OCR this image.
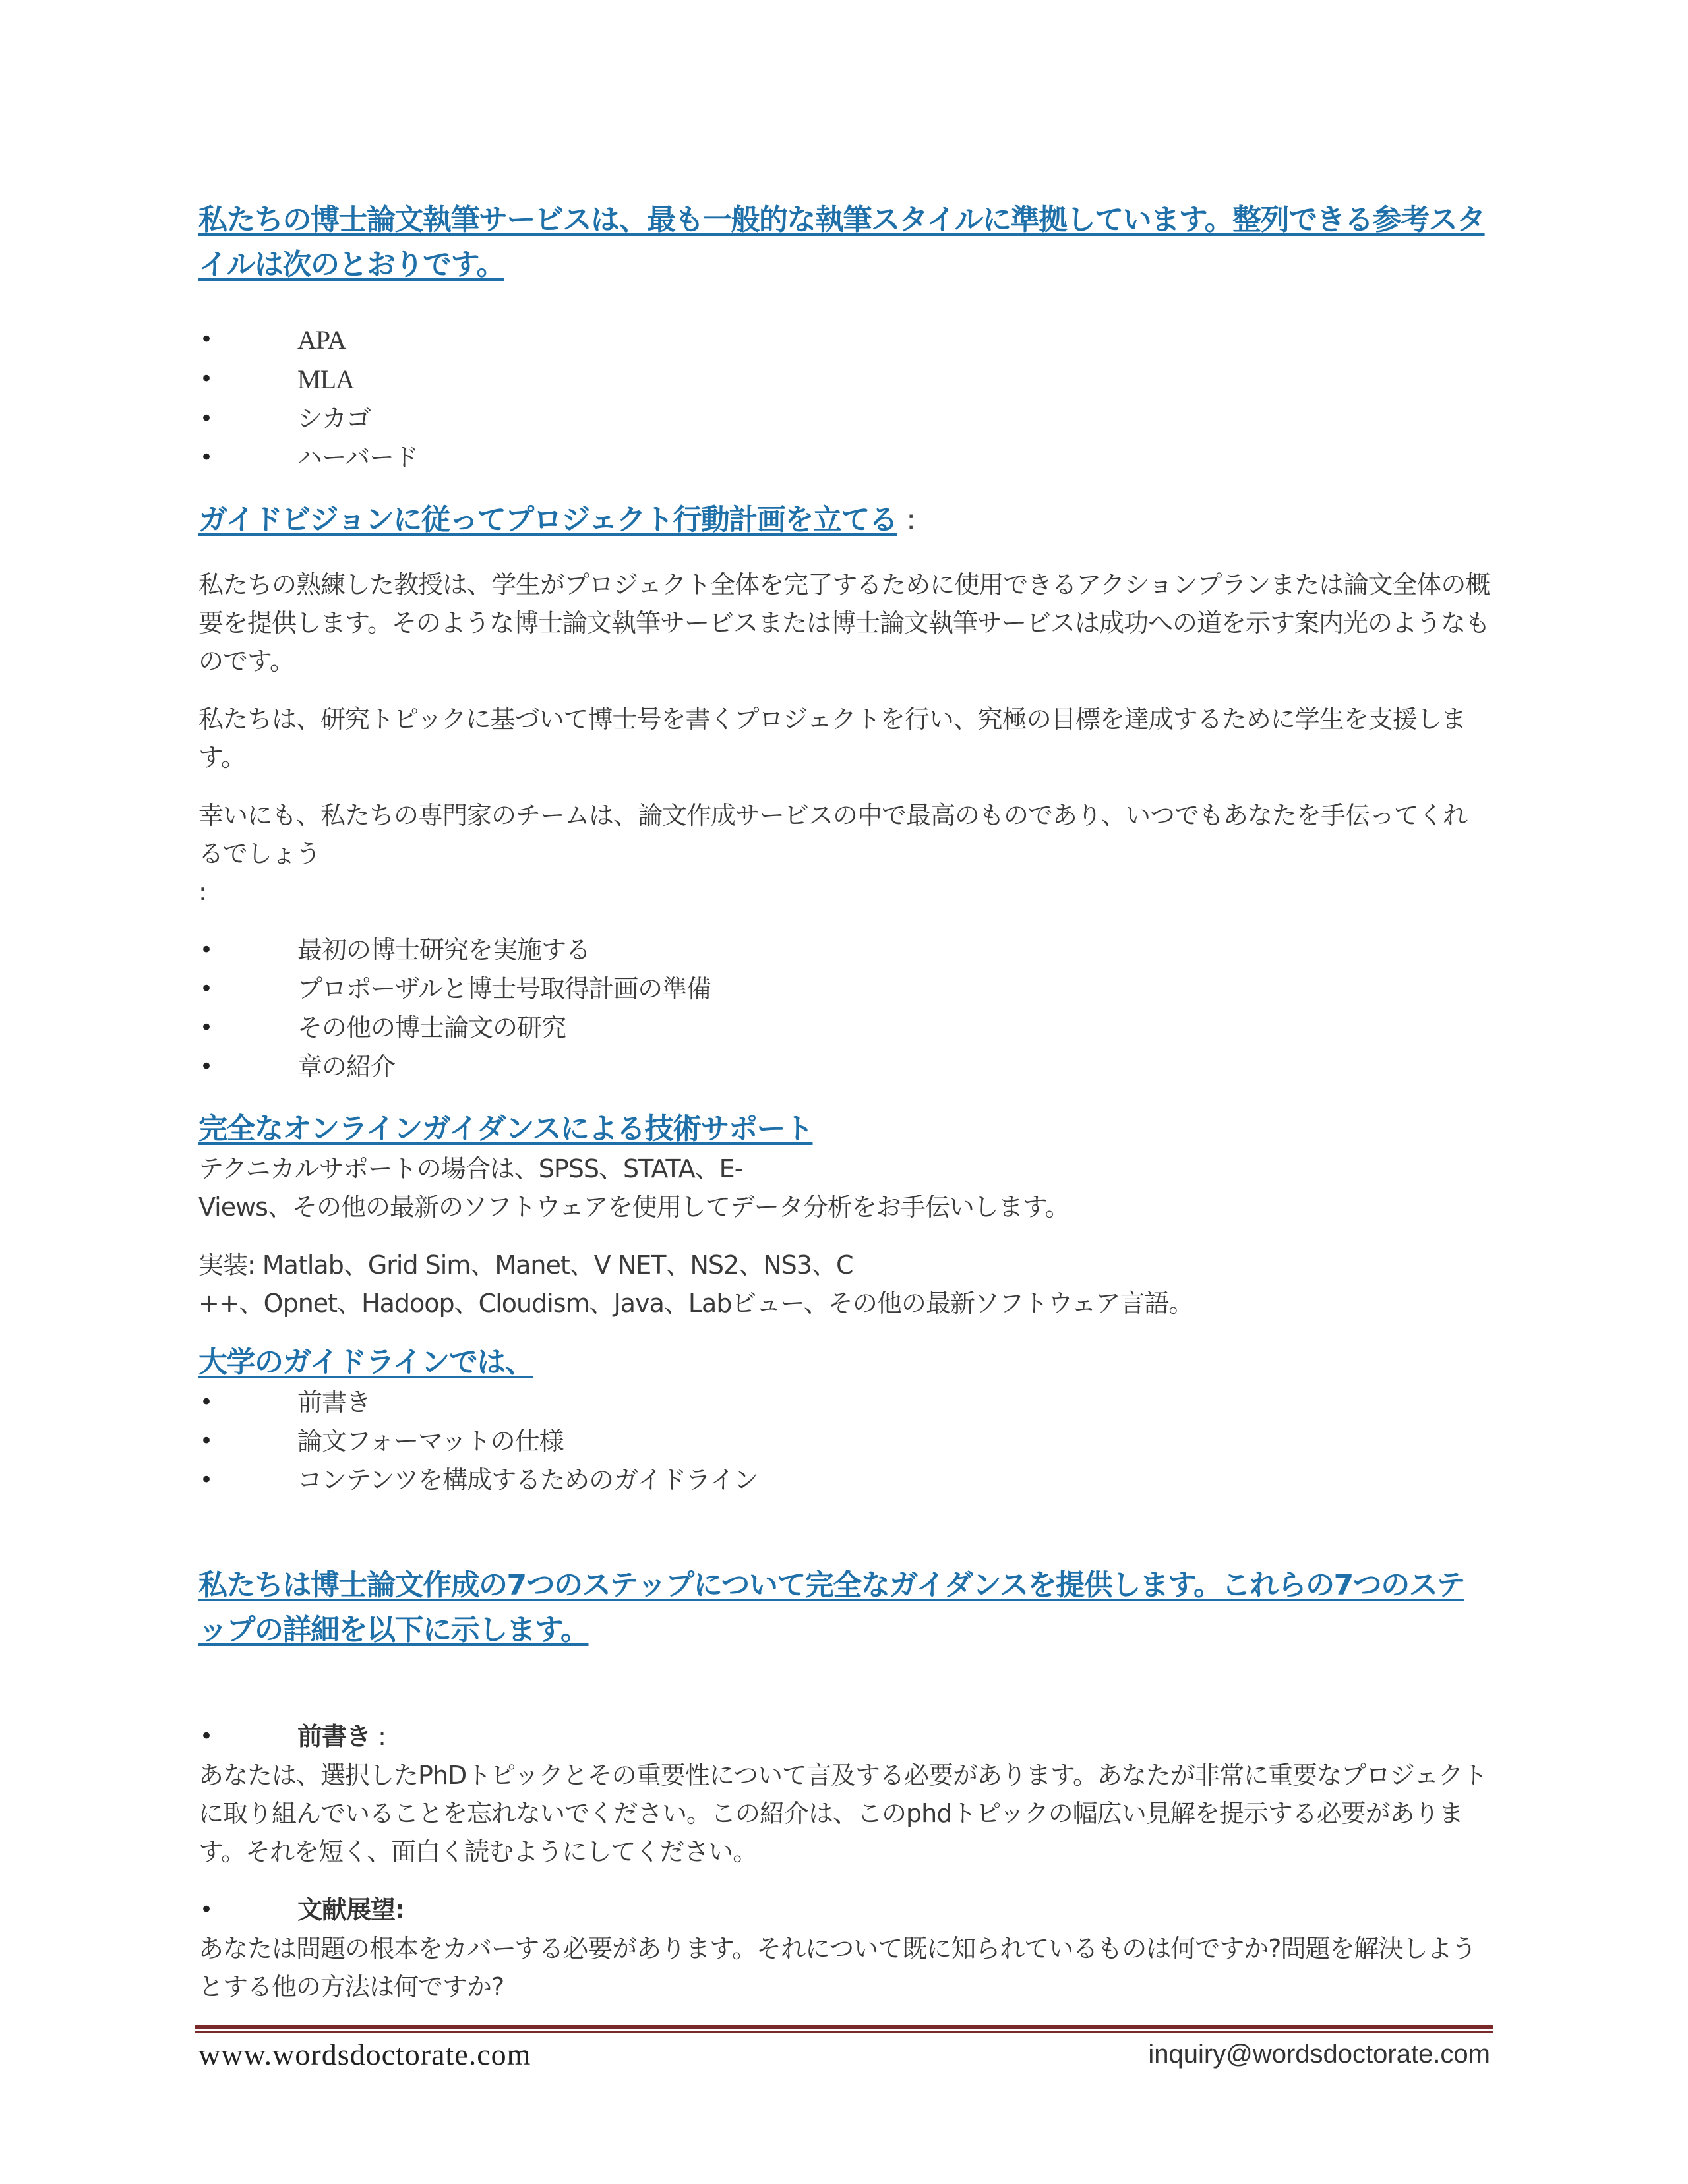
私たちの博士論文執筆サービスは、最も一般的な執筆スタイルに準拠しています。整列できる参考スタイルは次のとおりです。

•	APA
•	MLA
•	シカゴ
•	ハーバード

ガイドビジョンに従ってプロジェクト行動計画を立てる :

私たちの熟練した教授は、学生がプロジェクト全体を完了するために使用できるアクションプランまたは論文全体の概要を提供します。そのような博士論文執筆サービスまたは博士論文執筆サービスは成功への道を示す案内光のようなものです。

私たちは、研究トピックに基づいて博士号を書くプロジェクトを行い、究極の目標を達成するために学生を支援します。

幸いにも、私たちの専門家のチームは、論文作成サービスの中で最高のものであり、いつでもあなたを手伝ってくれるでしょう
:

•	最初の博士研究を実施する
•	プロポーザルと博士号取得計画の準備
•	その他の博士論文の研究
•	章の紹介

完全なオンラインガイダンスによる技術サポート

テクニカルサポートの場合は、SPSS、STATA、E-
Views、その他の最新のソフトウェアを使用してデータ分析をお手伝いします。

実装: Matlab、Grid Sim、Manet、V NET、NS2、NS3、C
++、Opnet、Hadoop、Cloudism、Java、Labビュー、その他の最新ソフトウェア言語。

大学のガイドラインでは、

•	前書き
•	論文フォーマットの仕様
•	コンテンツを構成するためのガイドライン

私たちは博士論文作成の7つのステップについて完全なガイダンスを提供します。これらの7つのステップの詳細を以下に示します。

•	前書き :

あなたは、選択したPhDトピックとその重要性について言及する必要があります。あなたが非常に重要なプロジェクトに取り組んでいることを忘れないでください。この紹介は、このphdトピックの幅広い見解を提示する必要があります。それを短く、面白く読むようにしてください。

•	文献展望:

あなたは問題の根本をカバーする必要があります。それについて既に知られているものは何ですか?問題を解決しようとする他の方法は何ですか?

www.wordsdoctorate.com	inquiry@wordsdoctorate.com
